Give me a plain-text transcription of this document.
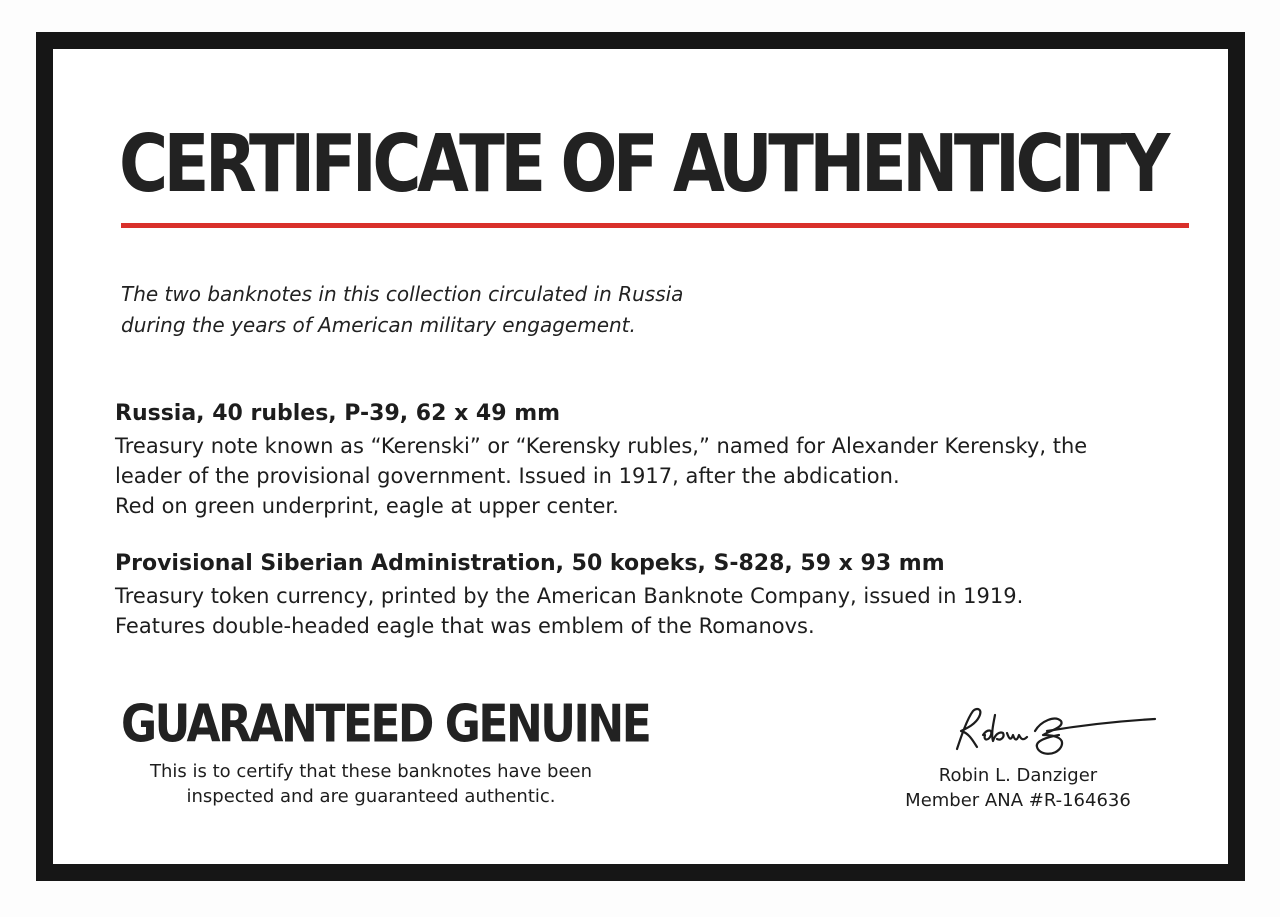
CERTIFICATE OF AUTHENTICITY

The two banknotes in this collection circulated in Russia
during the years of American military engagement.

Russia, 40 rubles, P-39, 62 x 49 mm

Treasury note known as “Kerenski” or “Kerensky rubles,” named for Alexander Kerensky, the
leader of the provisional government. Issued in 1917, after the abdication.
Red on green underprint, eagle at upper center.

Provisional Siberian Administration, 50 kopeks, S-828, 59 x 93 mm

Treasury token currency, printed by the American Banknote Company, issued in 1919.
Features double-headed eagle that was emblem of the Romanovs.

GUARANTEED GENUINE

This is to certify that these banknotes have been
inspected and are guaranteed authentic.

Robin L. Danziger
Member ANA #R-164636
